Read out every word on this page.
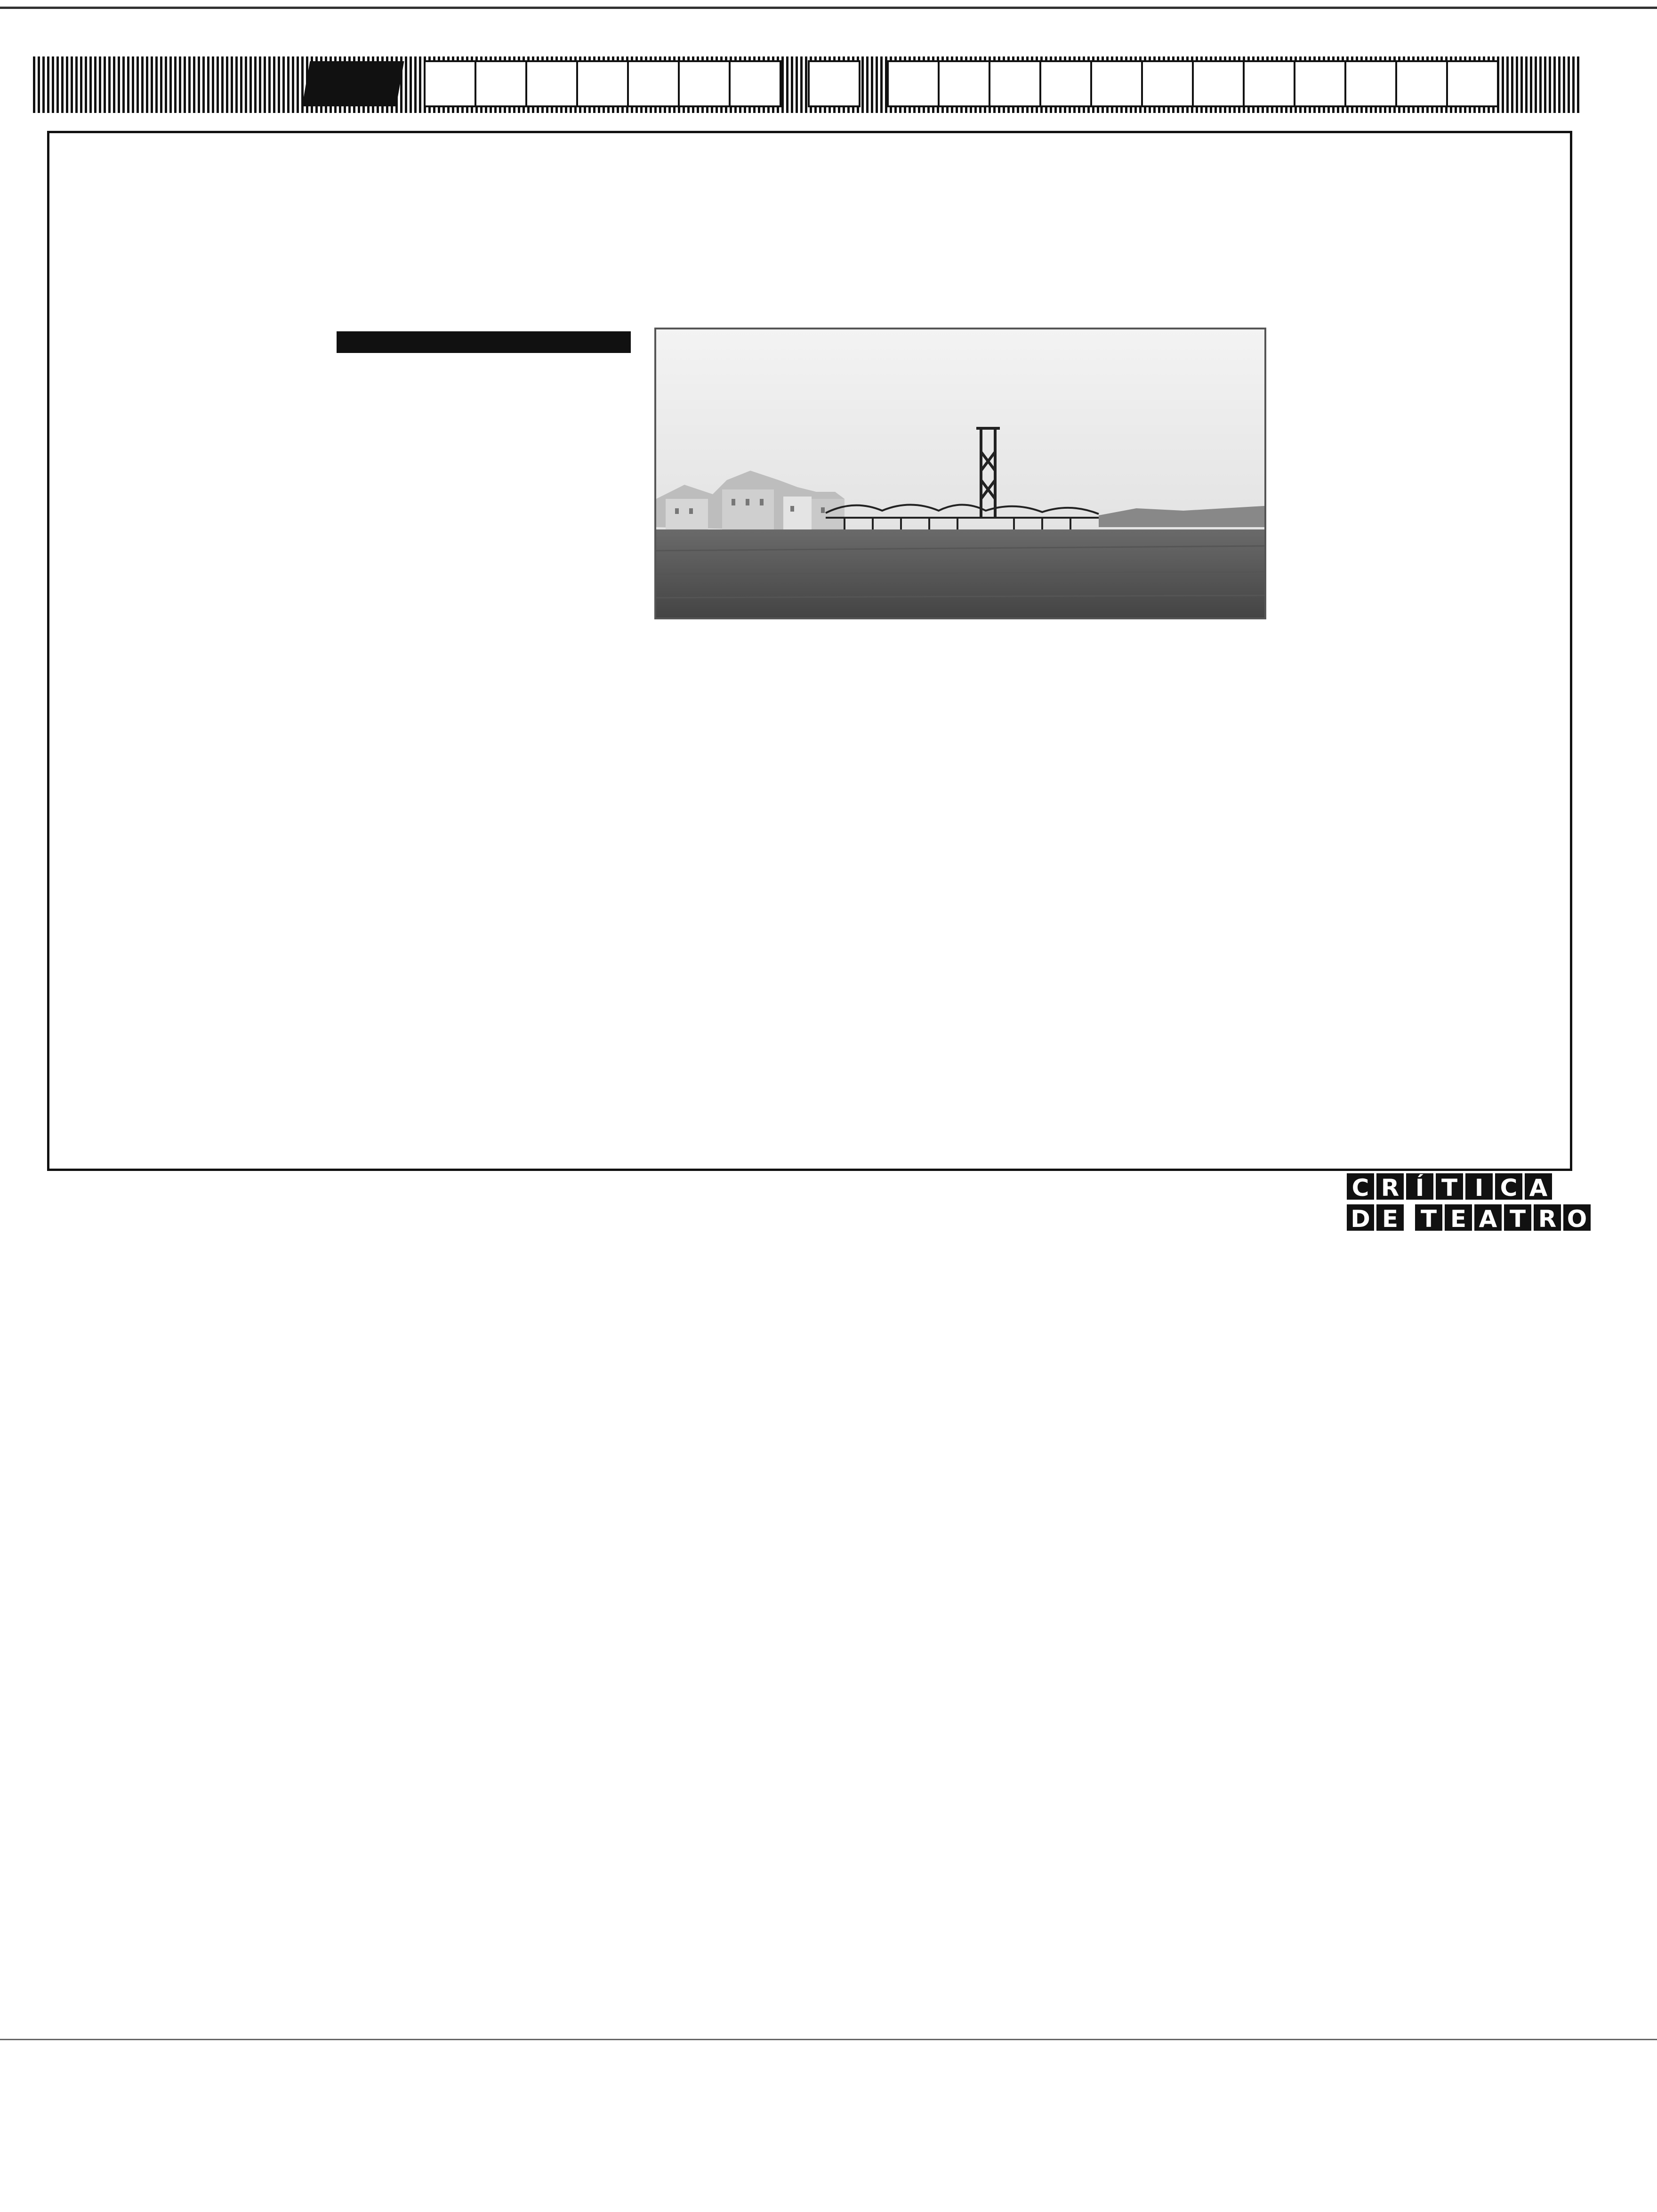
C R Í T I C A
D E T E A T R O
